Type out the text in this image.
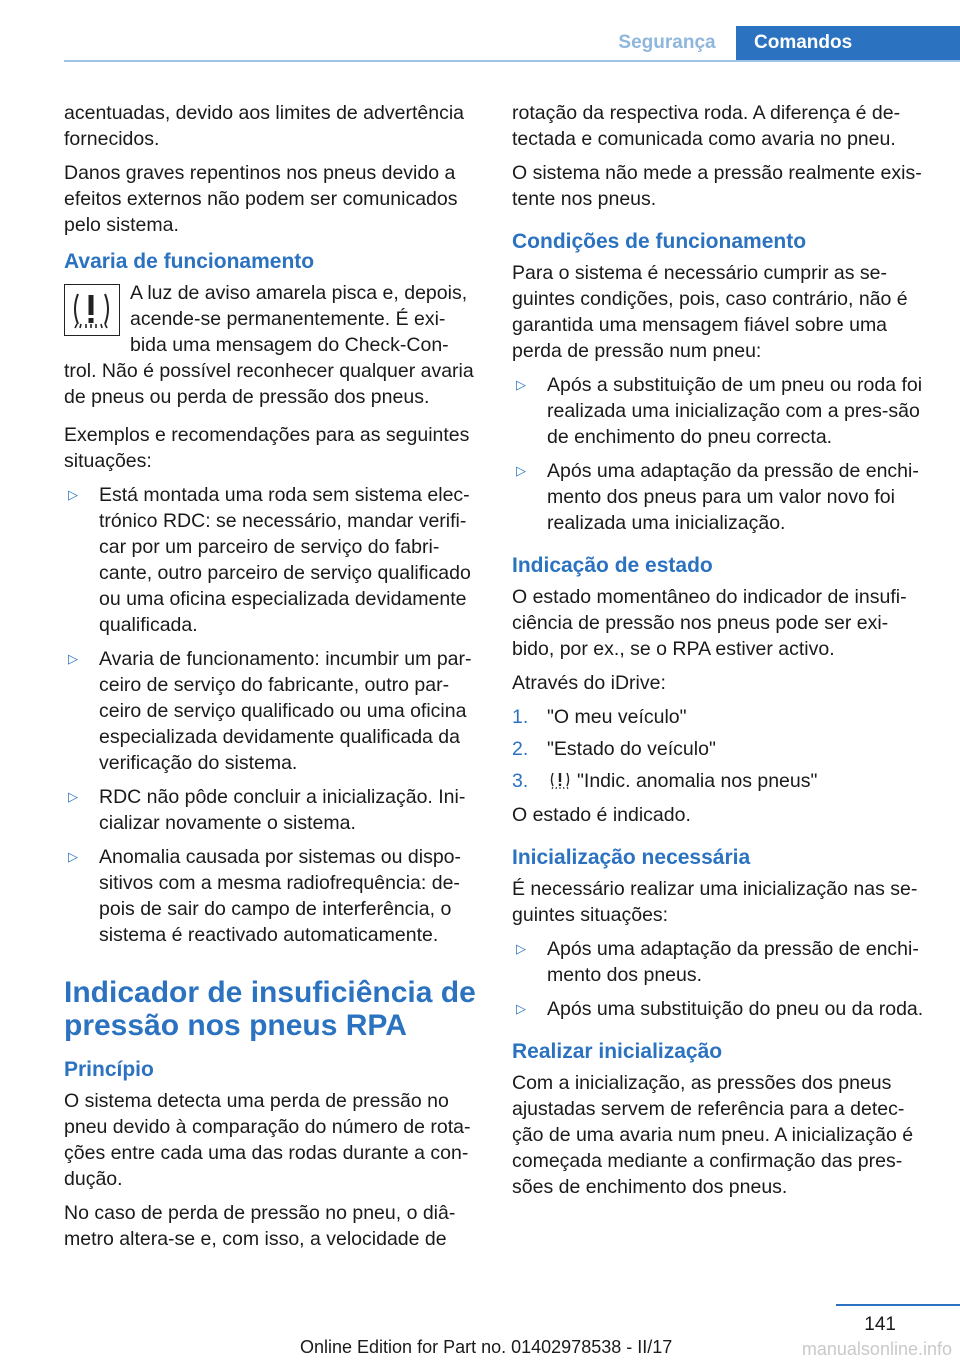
Segurança	Comandos

acentuadas, devido aos limites de advertência fornecidos.

Danos graves repentinos nos pneus devido a efeitos externos não podem ser comunicados pelo sistema.

Avaria de funcionamento

A luz de aviso amarela pisca e, depois, acende-se permanentemente. É exi-bida uma mensagem do Check-Con-trol. Não é possível reconhecer qualquer avaria de pneus ou perda de pressão dos pneus.

Exemplos e recomendações para as seguintes situações:

▷ Está montada uma roda sem sistema elec-trónico RDC: se necessário, mandar verifi-car por um parceiro de serviço do fabri-cante, outro parceiro de serviço qualificado ou uma oficina especializada devidamente qualificada.
▷ Avaria de funcionamento: incumbir um par-ceiro de serviço do fabricante, outro par-ceiro de serviço qualificado ou uma oficina especializada devidamente qualificada da verificação do sistema.
▷ RDC não pôde concluir a inicialização. Ini-cializar novamente o sistema.
▷ Anomalia causada por sistemas ou dispo-sitivos com a mesma radiofrequência: de-pois de sair do campo de interferência, o sistema é reactivado automaticamente.
Indicador de insuficiência de pressão nos pneus RPA
Princípio

O sistema detecta uma perda de pressão no pneu devido à comparação do número de rota-ções entre cada uma das rodas durante a con-dução.

No caso de perda de pressão no pneu, o diâ-metro altera-se e, com isso, a velocidade de

rotação da respectiva roda. A diferença é de-tectada e comunicada como avaria no pneu.

O sistema não mede a pressão realmente exis-tente nos pneus.

Condições de funcionamento

Para o sistema é necessário cumprir as se-guintes condições, pois, caso contrário, não é garantida uma mensagem fiável sobre uma perda de pressão num pneu:

▷ Após a substituição de um pneu ou roda foi realizada uma inicialização com a pres-são de enchimento do pneu correcta.
▷ Após uma adaptação da pressão de enchi-mento dos pneus para um valor novo foi realizada uma inicialização.
Indicação de estado

O estado momentâneo do indicador de insufi-ciência de pressão nos pneus pode ser exi-bido, por ex., se o RPA estiver activo.

Através do iDrive:

1. "O meu veículo"
2. "Estado do veículo"
3. "Indic. anomalia nos pneus"

O estado é indicado.

Inicialização necessária

É necessário realizar uma inicialização nas se-guintes situações:

▷ Após uma adaptação da pressão de enchi-mento dos pneus.
▷ Após uma substituição do pneu ou da roda.
Realizar inicialização

Com a inicialização, as pressões dos pneus ajustadas servem de referência para a detec-ção de uma avaria num pneu. A inicialização é começada mediante a confirmação das pres-sões de enchimento dos pneus.

141
Online Edition for Part no. 01402978538 - II/17	manualsonline.info
